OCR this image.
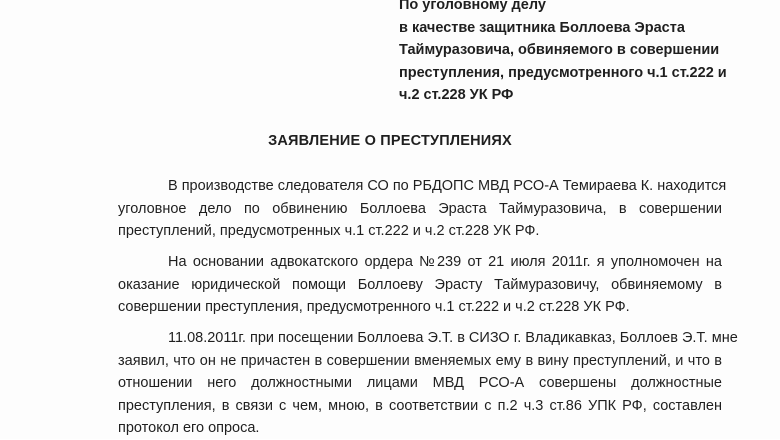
По уголовному делу
в качестве защитника Боллоева Эраста
Таймуразовича, обвиняемого в совершении
преступления, предусмотренного ч.1 ст.222 и
ч.2 ст.228 УК РФ
ЗАЯВЛЕНИЕ О ПРЕСТУПЛЕНИЯХ
В производстве следователя СО по РБДОПС МВД РСО-А Темираева К. находится
уголовное дело по обвинению Боллоева Эраста Таймуразовича, в совершении
преступлений, предусмотренных ч.1 ст.222 и ч.2 ст.228 УК РФ.
На основании адвокатского ордера №239 от 21 июля 2011г. я уполномочен на
оказание юридической помощи Боллоеву Эрасту Таймуразовичу, обвиняемому в
совершении преступления, предусмотренного ч.1 ст.222 и ч.2 ст.228 УК РФ.
11.08.2011г. при посещении Боллоева Э.Т. в СИЗО г. Владикавказ, Боллоев Э.Т. мне
заявил, что он не причастен в совершении вменяемых ему в вину преступлений, и что в
отношении него должностными лицами МВД РСО-А совершены должностные
преступления, в связи с чем, мною, в соответствии с п.2 ч.3 ст.86 УПК РФ, составлен
протокол его опроса.
